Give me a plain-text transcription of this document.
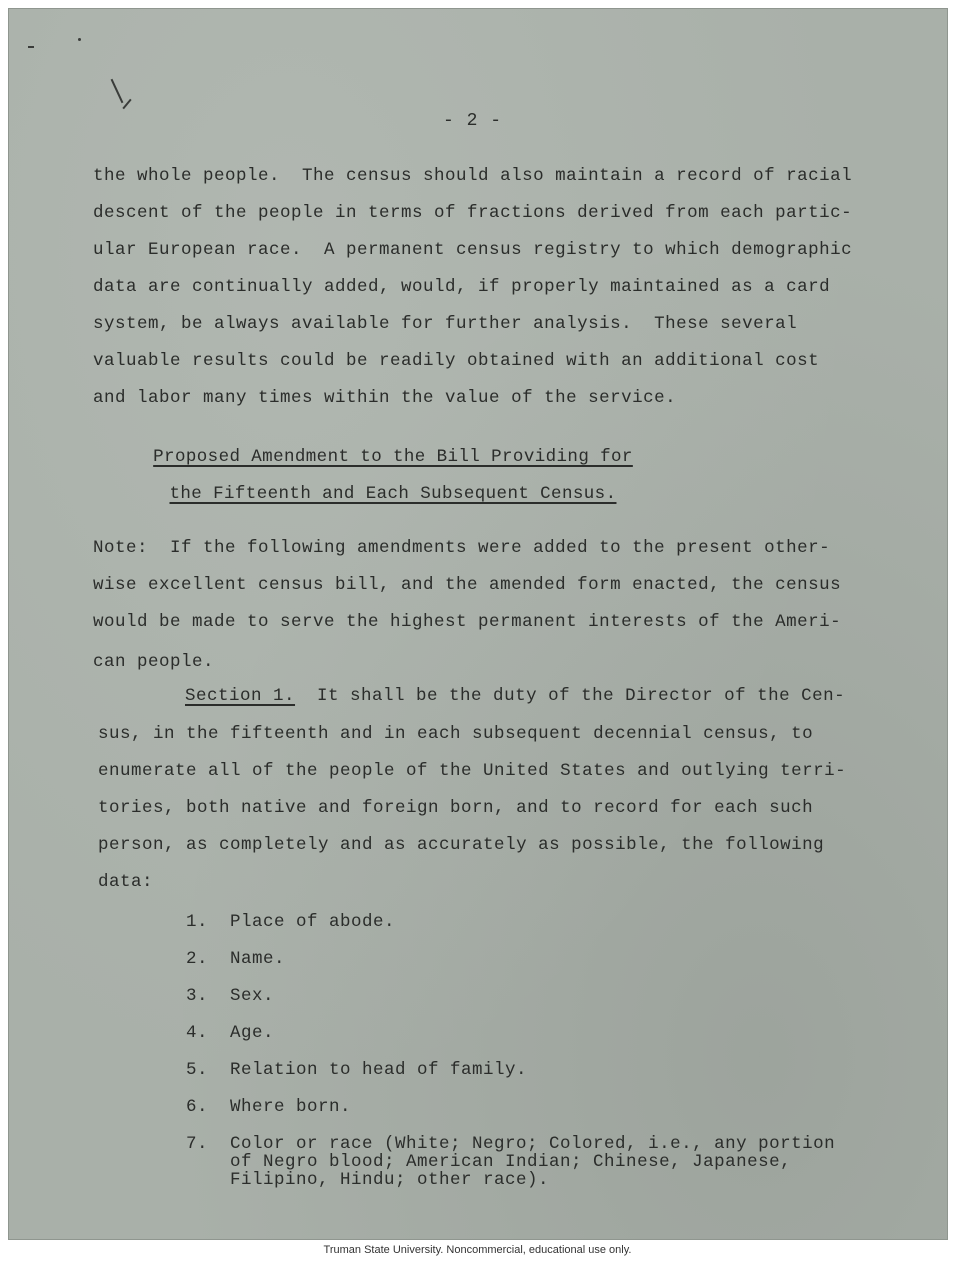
- 2 -

the whole people.  The census should also maintain a record of racial

descent of the people in terms of fractions derived from each partic-

ular European race.  A permanent census registry to which demographic

data are continually added, would, if properly maintained as a card

system, be always available for further analysis.  These several

valuable results could be readily obtained with an additional cost

and labor many times within the value of the service.

Proposed Amendment to the Bill Providing for
the Fifteenth and Each Subsequent Census.

Note:  If the following amendments were added to the present other-

wise excellent census bill, and the amended form enacted, the census

would be made to serve the highest permanent interests of the Ameri-

can people.

Section 1.  It shall be the duty of the Director of the Cen-

sus, in the fifteenth and in each subsequent decennial census, to

enumerate all of the people of the United States and outlying terri-

tories, both native and foreign born, and to record for each such

person, as completely and as accurately as possible, the following

data:

1. Place of abode.
2. Name.
3. Sex.
4. Age.
5. Relation to head of family.
6. Where born.
7. Color or race (White; Negro; Colored, i.e., any portion
of Negro blood; American Indian; Chinese, Japanese,
Filipino, Hindu; other race).
Truman State University. Noncommercial, educational use only.
